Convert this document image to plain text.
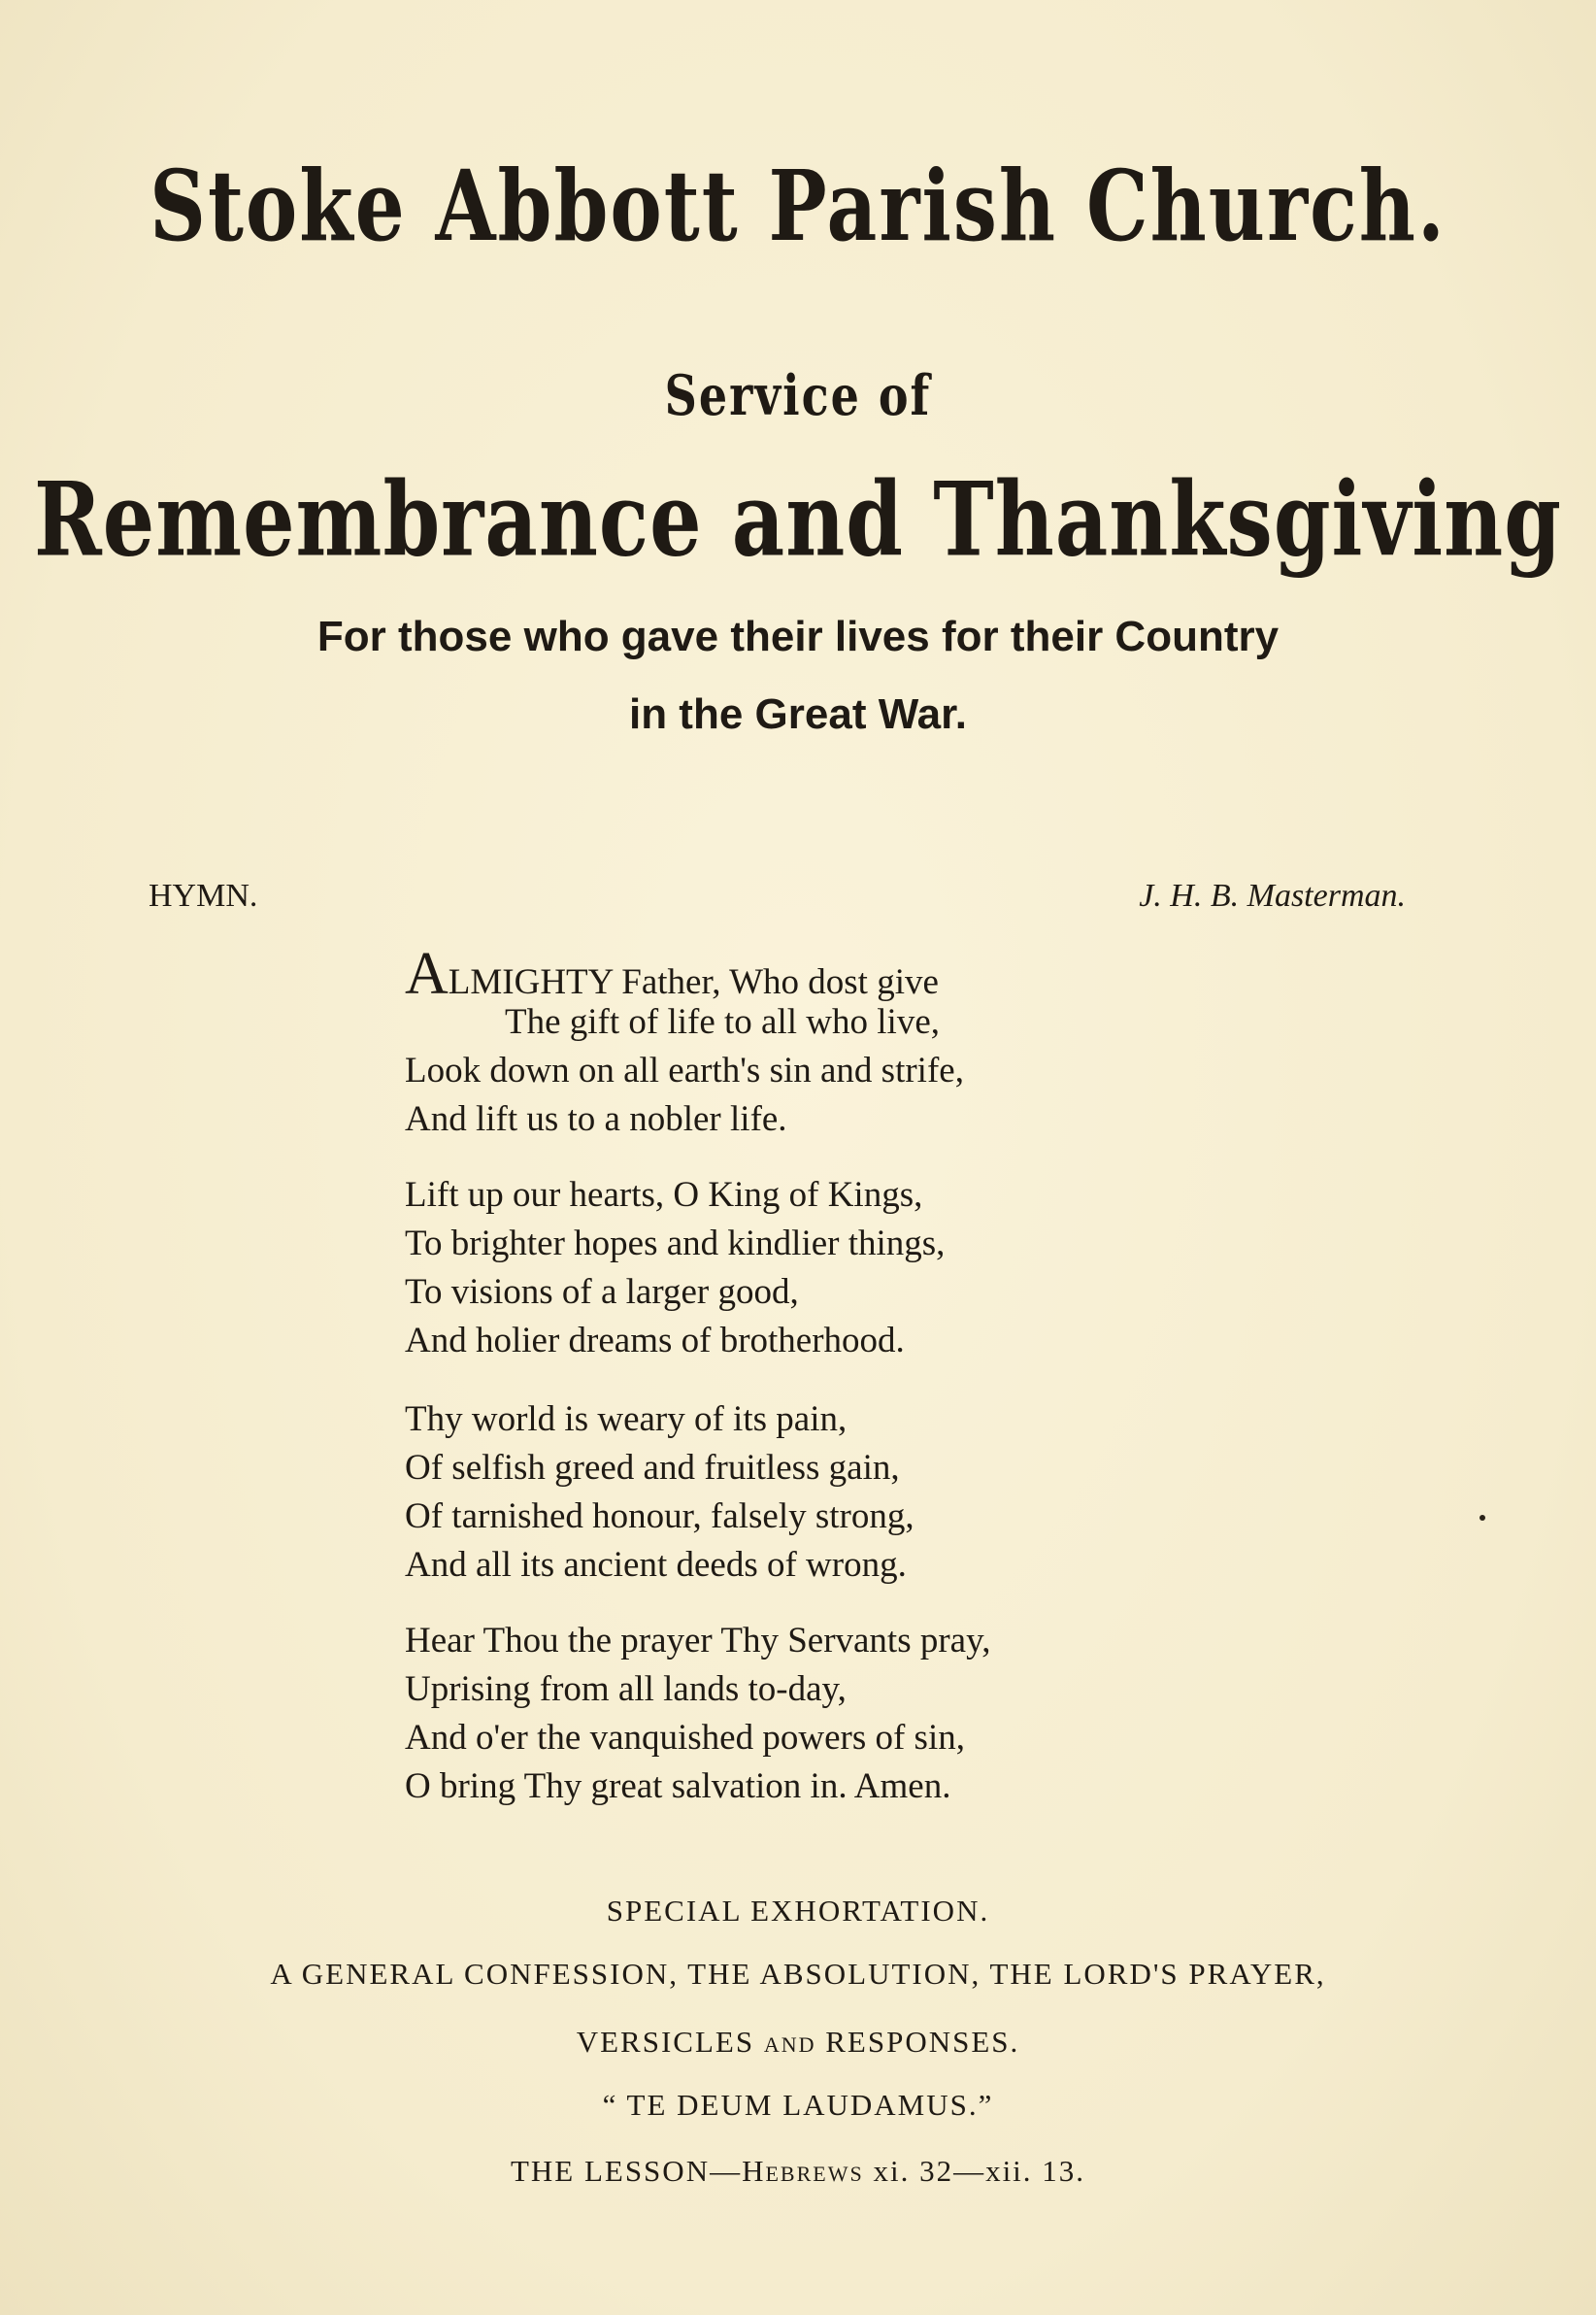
Stoke Abbott Parish Church.
Service of
Remembrance and Thanksgiving
For those who gave their lives for their Country
in the Great War.
HYMN.	J. H. B. Masterman.
ALMIGHTY Father, Who dost give
The gift of life to all who live,
Look down on all earth's sin and strife,
And lift us to a nobler life.
Lift up our hearts, O King of Kings,
To brighter hopes and kindlier things,
To visions of a larger good,
And holier dreams of brotherhood.
Thy world is weary of its pain,
Of selfish greed and fruitless gain,
Of tarnished honour, falsely strong,
And all its ancient deeds of wrong.
Hear Thou the prayer Thy Servants pray,
Uprising from all lands to-day,
And o'er the vanquished powers of sin,
O bring Thy great salvation in. Amen.
SPECIAL EXHORTATION.
A GENERAL CONFESSION, THE ABSOLUTION, THE LORD'S PRAYER,
VERSICLES and RESPONSES.
“ TE DEUM LAUDAMUS.”
THE LESSON—Hebrews xi. 32—xii. 13.
